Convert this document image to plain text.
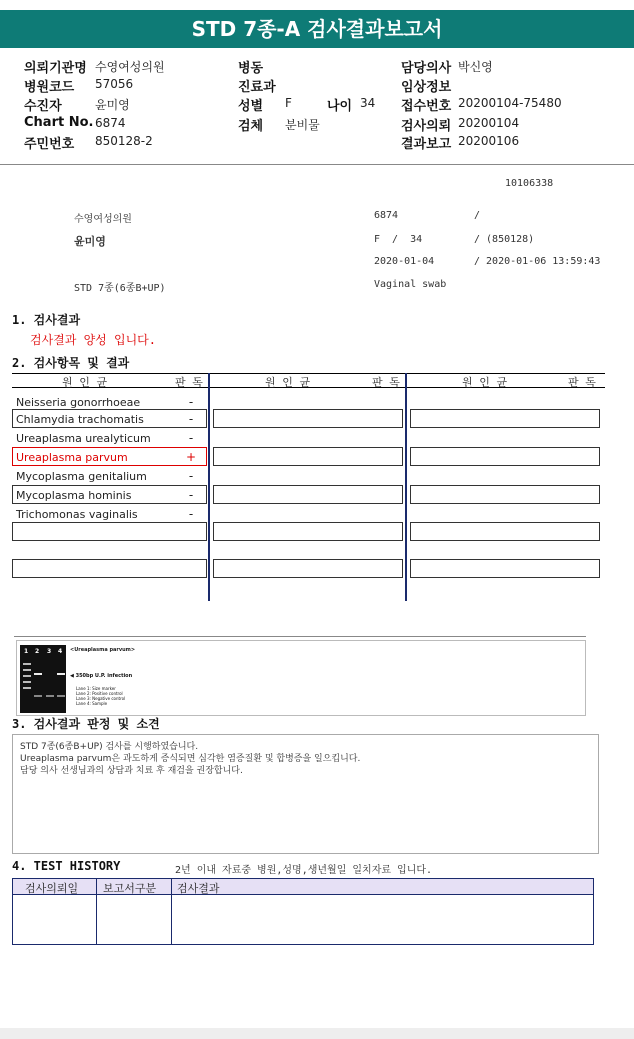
STD 7종-A 검사결과보고서
의뢰기관명 수영여성의원
병원코드 57056
수진자	윤미영
Chart No. 6874
주민번호 850128-2
병동
진료과
성별 F	나이 34
검체 분비물
담당의사 박신영
임상정보
접수번호 20200104-75480
검사의뢰 20200104
결과보고 20200106
10106338
수영여성의원	6874	/
윤미영	F  /  34	/ (850128)
2020-01-04	/ 2020-01-06 13:59:43
STD 7종(6종B+UP)	Vaginal swab
1. 검사결과
검사결과 양성 입니다.
2. 검사항목 및 결과
원 인 균	판 독	원 인 균	판 독	원 인 균	판 독
Neisseria gonorrhoeae	-
Chlamydia trachomatis	-
Ureaplasma urealyticum	-
Ureaplasma parvum	+
Mycoplasma genitalium	-
Mycoplasma hominis	-
Trichomonas vaginalis	-
1 2 3 4 <Ureaplasma parvum>
◀ 350bp U.P. infection
Lane 1: Size marker
Lane 2: Positive control
Lane 3: Negative control
Lane 4: Sample
3. 검사결과 판정 및 소견
STD 7종(6종B+UP) 검사를 시행하였습니다.
Ureaplasma parvum은 과도하게 증식되면 심각한 염증질환 및 합병증을 일으킵니다.
담당 의사 선생님과의 상담과 치료 후 재검을 권장합니다.
4. TEST HISTORY	2년 이내 자료중 병원,성명,생년월일 일치자료 입니다.
검사의뢰일 보고서구분 검사결과
